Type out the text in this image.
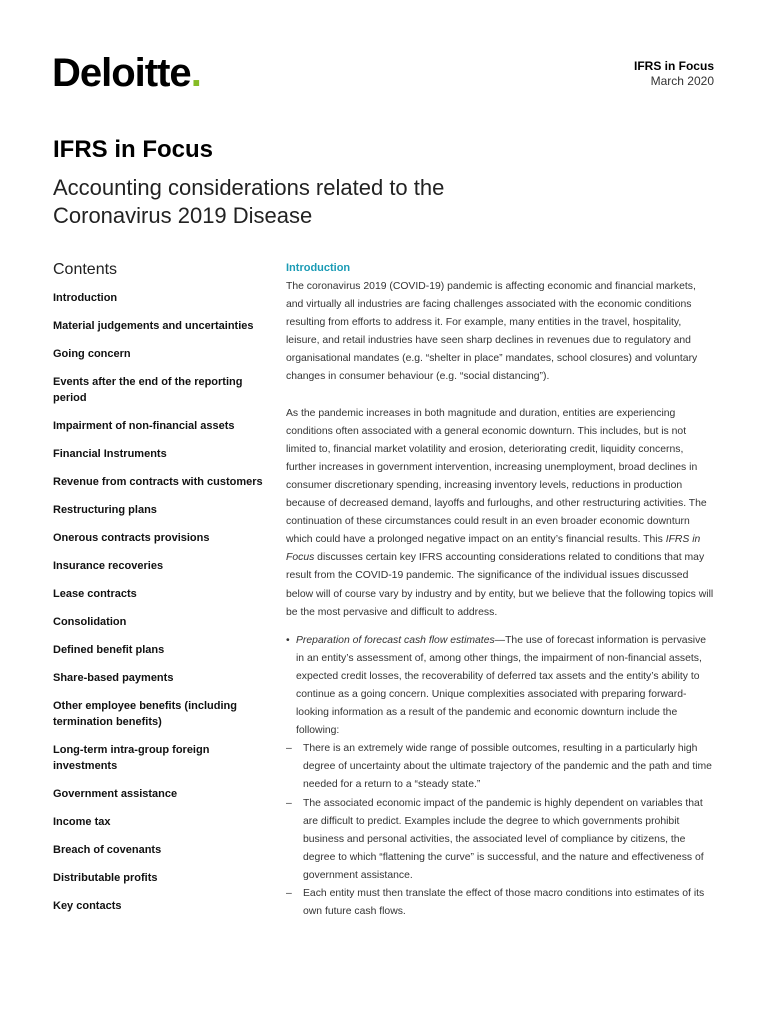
Deloitte.	IFRS in Focus
March 2020
IFRS in Focus
Accounting considerations related to the Coronavirus 2019 Disease
Contents
Introduction
Material judgements and uncertainties
Going concern
Events after the end of the reporting period
Impairment of non-financial assets
Financial Instruments
Revenue from contracts with customers
Restructuring plans
Onerous contracts provisions
Insurance recoveries
Lease contracts
Consolidation
Defined benefit plans
Share-based payments
Other employee benefits (including termination benefits)
Long-term intra-group foreign investments
Government assistance
Income tax
Breach of covenants
Distributable profits
Key contacts
Introduction

The coronavirus 2019 (COVID-19) pandemic is affecting economic and financial markets, and virtually all industries are facing challenges associated with the economic conditions resulting from efforts to address it. For example, many entities in the travel, hospitality, leisure, and retail industries have seen sharp declines in revenues due to regulatory and organisational mandates (e.g. “shelter in place” mandates, school closures) and voluntary changes in consumer behaviour (e.g. “social distancing”).

As the pandemic increases in both magnitude and duration, entities are experiencing conditions often associated with a general economic downturn. This includes, but is not limited to, financial market volatility and erosion, deteriorating credit, liquidity concerns, further increases in government intervention, increasing unemployment, broad declines in consumer discretionary spending, increasing inventory levels, reductions in production because of decreased demand, layoffs and furloughs, and other restructuring activities. The continuation of these circumstances could result in an even broader economic downturn which could have a prolonged negative impact on an entity’s financial results. This IFRS in Focus discusses certain key IFRS accounting considerations related to conditions that may result from the COVID-19 pandemic. The significance of the individual issues discussed below will of course vary by industry and by entity, but we believe that the following topics will be the most pervasive and difficult to address.

• Preparation of forecast cash flow estimates—The use of forecast information is pervasive in an entity’s assessment of, among other things, the impairment of non-financial assets, expected credit losses, the recoverability of deferred tax assets and the entity’s ability to continue as a going concern. Unique complexities associated with preparing forward-looking information as a result of the pandemic and economic downturn include the following:
– There is an extremely wide range of possible outcomes, resulting in a particularly high degree of uncertainty about the ultimate trajectory of the pandemic and the path and time needed for a return to a “steady state.”
– The associated economic impact of the pandemic is highly dependent on variables that are difficult to predict. Examples include the degree to which governments prohibit business and personal activities, the associated level of compliance by citizens, the degree to which “flattening the curve” is successful, and the nature and effectiveness of government assistance.
– Each entity must then translate the effect of those macro conditions into estimates of its own future cash flows.
